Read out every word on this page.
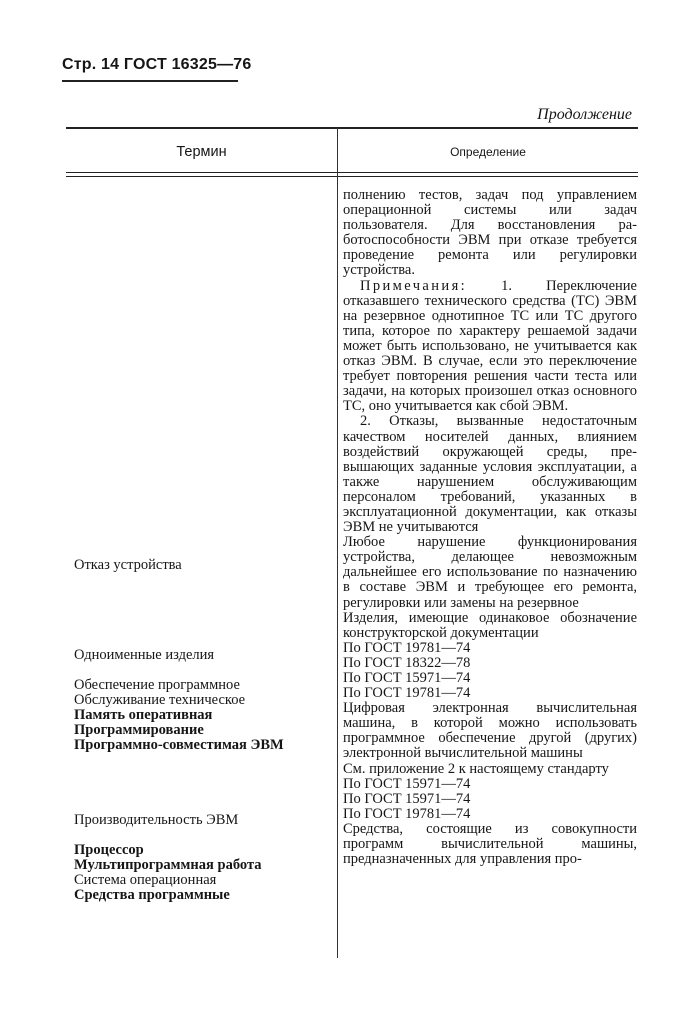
Стр. 14 ГОСТ 16325—76
Продолжение
Термин	Определение

полнению тестов, задач под управлением операционной системы или задач пользователя. Для восстановления работоспособности ЭВМ при отказе требуется проведение ремонта или регулировки устройства.

Примечания: 1. Переключение отказавшего технического средства (ТС) ЭВМ на резервное однотипное ТС или ТС другого типа, которое по характеру решаемой задачи может быть использовано, не учитывается как отказ ЭВМ. В случае, если это переключение требует повторения решения части теста или задачи, на которых произошел отказ основного ТС, оно учитывается как сбой ЭВМ.

2. Отказы, вызванные недостаточным качеством носителей данных, влиянием воздействий окружающей среды, превышающих заданные условия эксплуатации, а также нарушением обслуживающим персоналом требований, указанных в эксплуатационной документации, как отказы ЭВМ не учитываются

Любое нарушение функционирования устройства, делающее невозможным дальнейшее его использование по назначению в составе ЭВМ и требующее его ремонта, регулировки или замены на резервное

Изделия, имеющие одинаковое обозначение конструкторской документации

По ГОСТ 19781—74

По ГОСТ 18322—78

По ГОСТ 15971—74

По ГОСТ 19781—74

Цифровая электронная вычислительная машина, в которой можно использовать программное обеспечение другой (других) электронной вычислительной машины

См. приложение 2 к настоящему стандарту

По ГОСТ 15971—74

По ГОСТ 15971—74

По ГОСТ 19781—74

Средства, состоящие из совокупности программ вычислительной машины, предназначенных для управления про-

Отказ устройства
Одноименные изделия
Обеспечение программное
Обслуживание техническое
Память оперативная
Программирование
Программно-совместимая ЭВМ
Производительность ЭВМ
Процессор
Мультипрограммная работа
Система операционная
Средства программные
